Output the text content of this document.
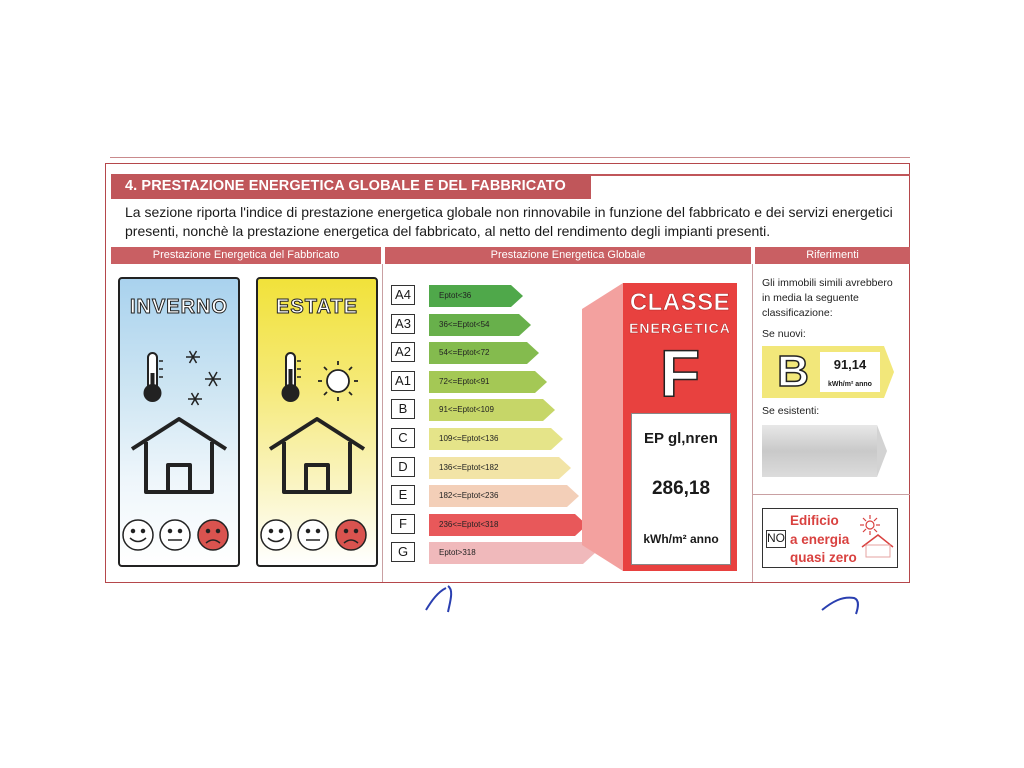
4. PRESTAZIONE ENERGETICA GLOBALE E DEL FABBRICATO
La sezione riporta l'indice di prestazione energetica globale non rinnovabile in funzione del fabbricato e dei servizi energetici presenti, nonchè la prestazione energetica del fabbricato, al netto del rendimento degli impianti presenti.
Prestazione Energetica del Fabbricato	Prestazione Energetica Globale	Riferimenti
INVERNO	ESTATE
A4	Eptot<36
A3	36<=Eptot<54
A2	54<=Eptot<72
A1	72<=Eptot<91
B	91<=Eptot<109
C	109<=Eptot<136
D	136<=Eptot<182
E	182<=Eptot<236
F	236<=Eptot<318
G	Eptot>318
CLASSE
ENERGETICA
F
EP gl,nren
286,18
kWh/m² anno
Gli immobili simili avrebbero in media la seguente classificazione:
Se nuovi:
B	91,14
kWh/m² anno
Se esistenti:
NO
Edificio
a energia
quasi zero
